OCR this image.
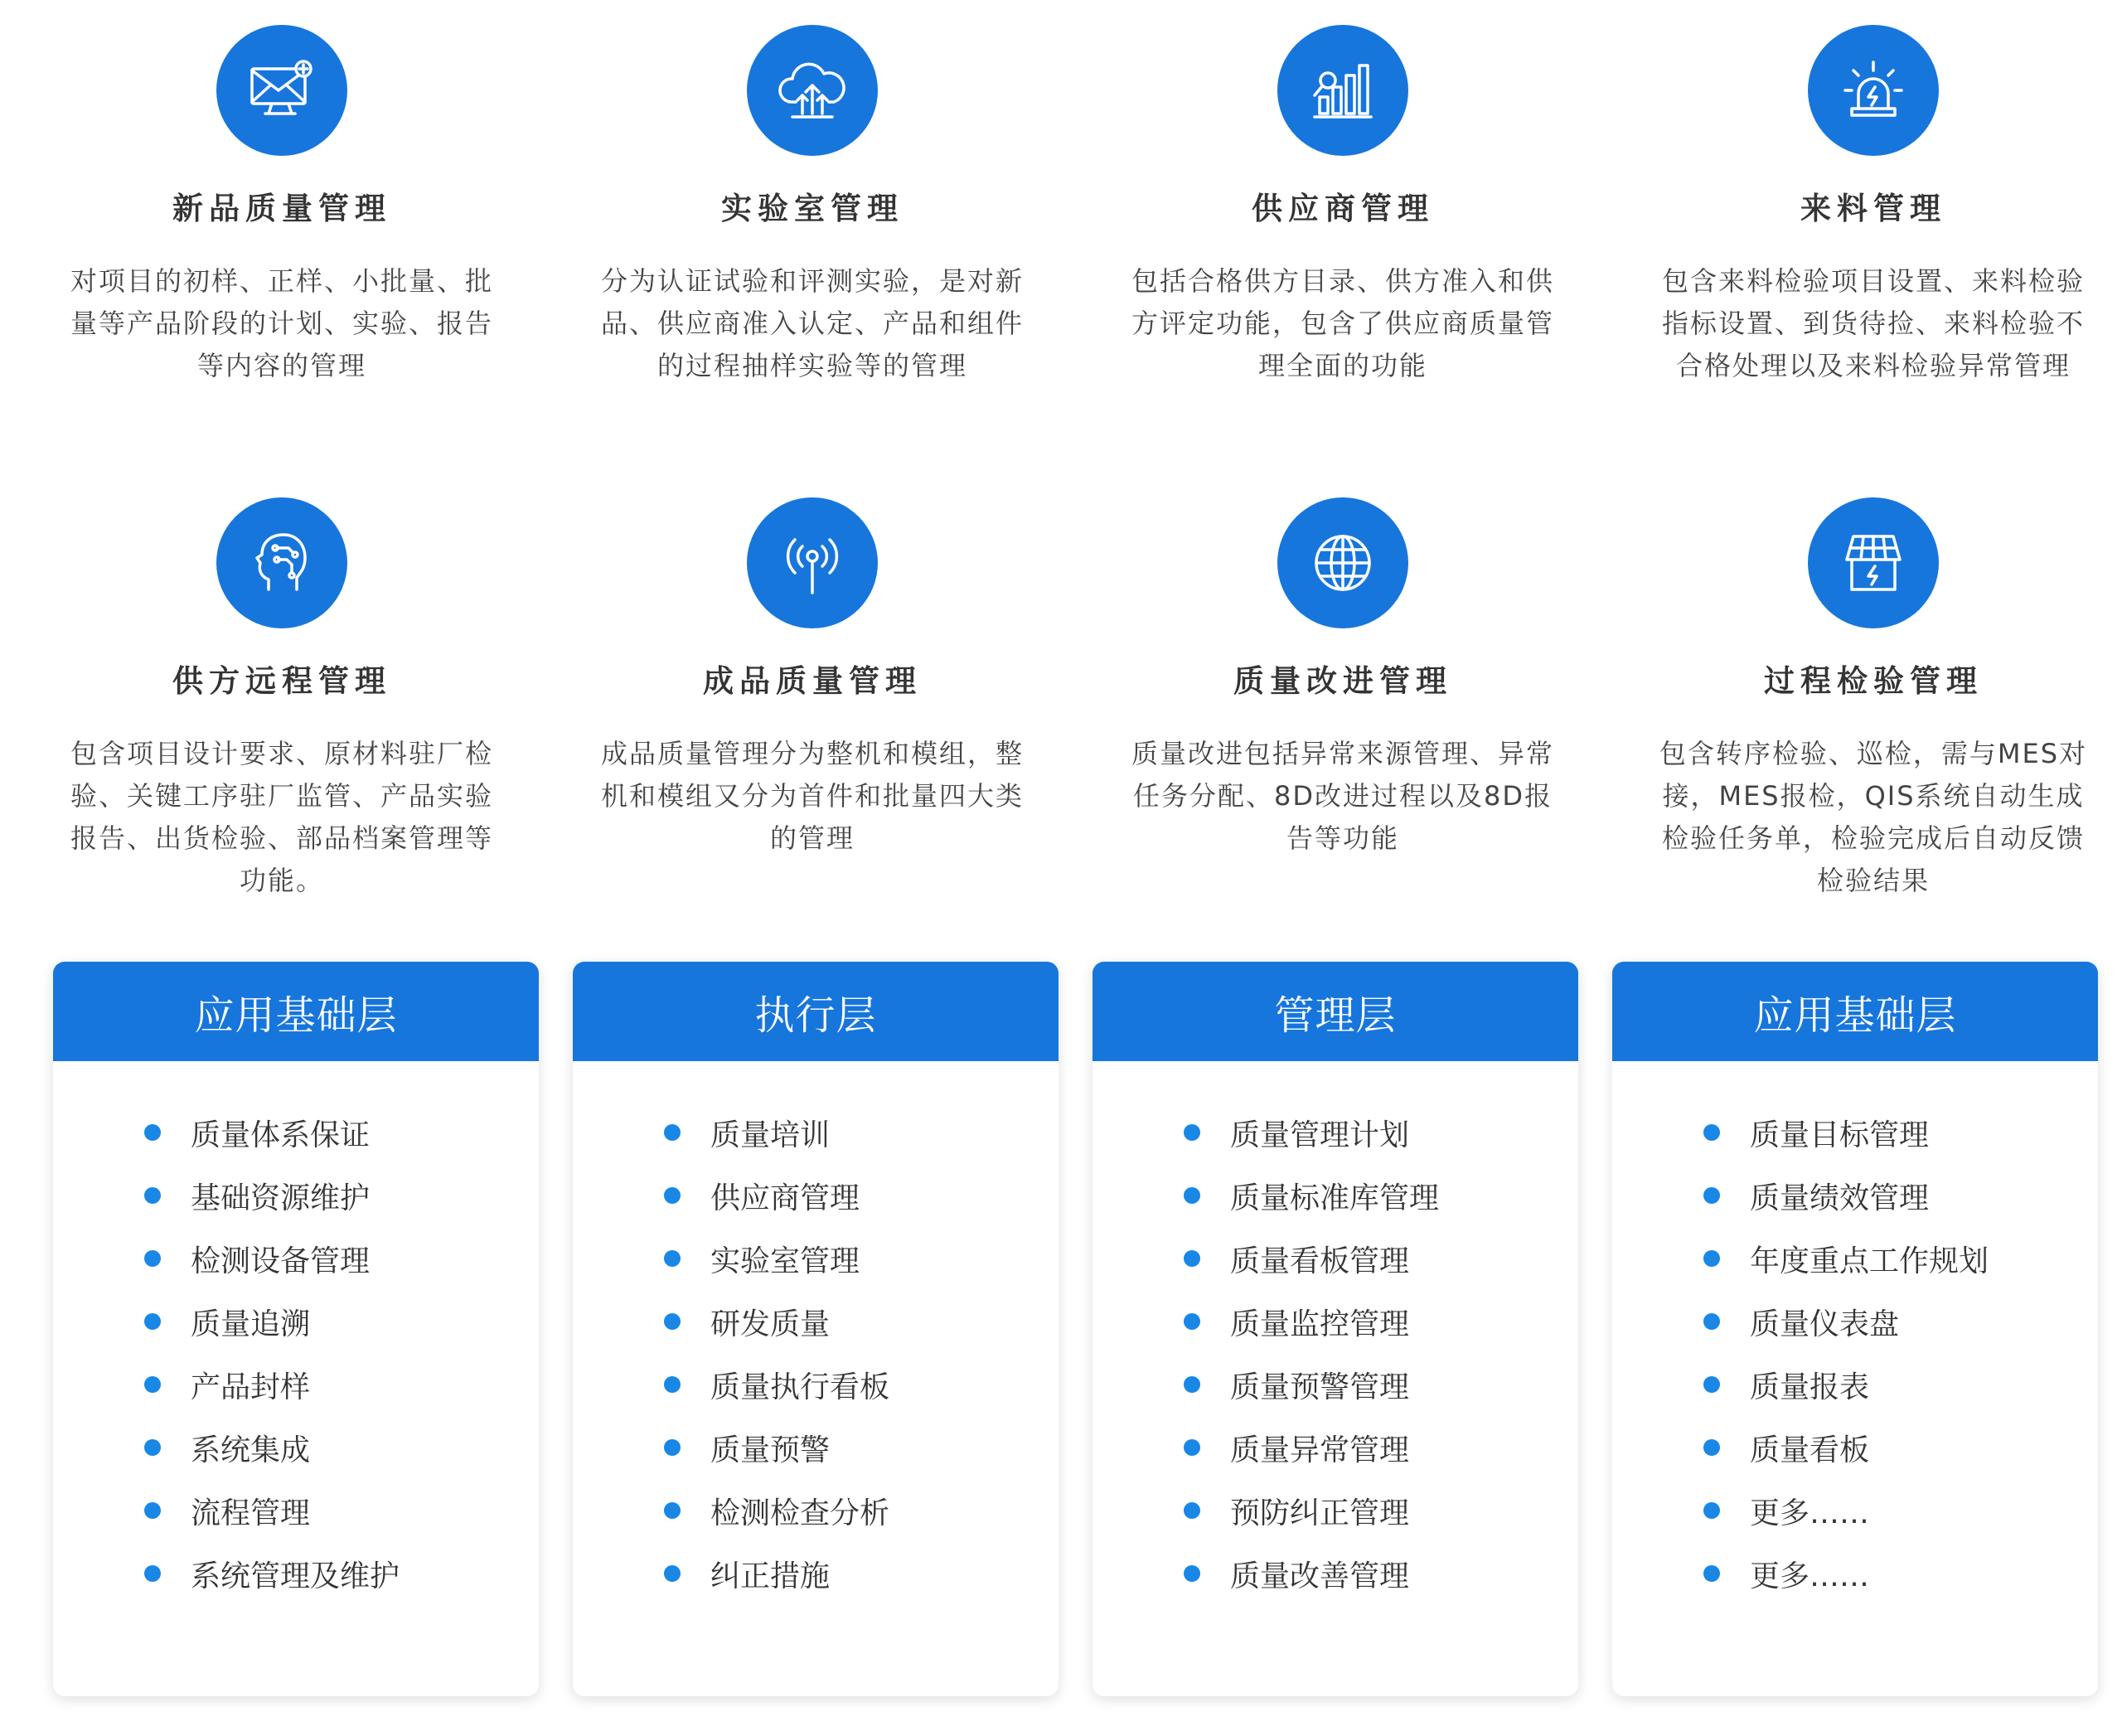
新品质量管理
对项目的初样、正样、小批量、批量等产品阶段的计划、实验、报告等内容的管理
实验室管理
分为认证试验和评测实验，是对新品、供应商准入认定、产品和组件的过程抽样实验等的管理
供应商管理
包括合格供方目录、供方准入和供方评定功能，包含了供应商质量管理全面的功能
来料管理
包含来料检验项目设置、来料检验指标设置、到货待捡、来料检验不合格处理以及来料检验异常管理
供方远程管理
包含项目设计要求、原材料驻厂检验、关键工序驻厂监管、产品实验报告、出货检验、部品档案管理等功能。
成品质量管理
成品质量管理分为整机和模组，整机和模组又分为首件和批量四大类的管理
质量改进管理
质量改进包括异常来源管理、异常任务分配、8D改进过程以及8D报告等功能
过程检验管理
包含转序检验、巡检，需与MES对接，MES报检，QIS系统自动生成检验任务单，检验完成后自动反馈检验结果
应用基础层
质量体系保证
基础资源维护
检测设备管理
质量追溯
产品封样
系统集成
流程管理
系统管理及维护
执行层
质量培训
供应商管理
实验室管理
研发质量
质量执行看板
质量预警
检测检查分析
纠正措施
管理层
质量管理计划
质量标准库管理
质量看板管理
质量监控管理
质量预警管理
质量异常管理
预防纠正管理
质量改善管理
应用基础层
质量目标管理
质量绩效管理
年度重点工作规划
质量仪表盘
质量报表
质量看板
更多……
更多……
